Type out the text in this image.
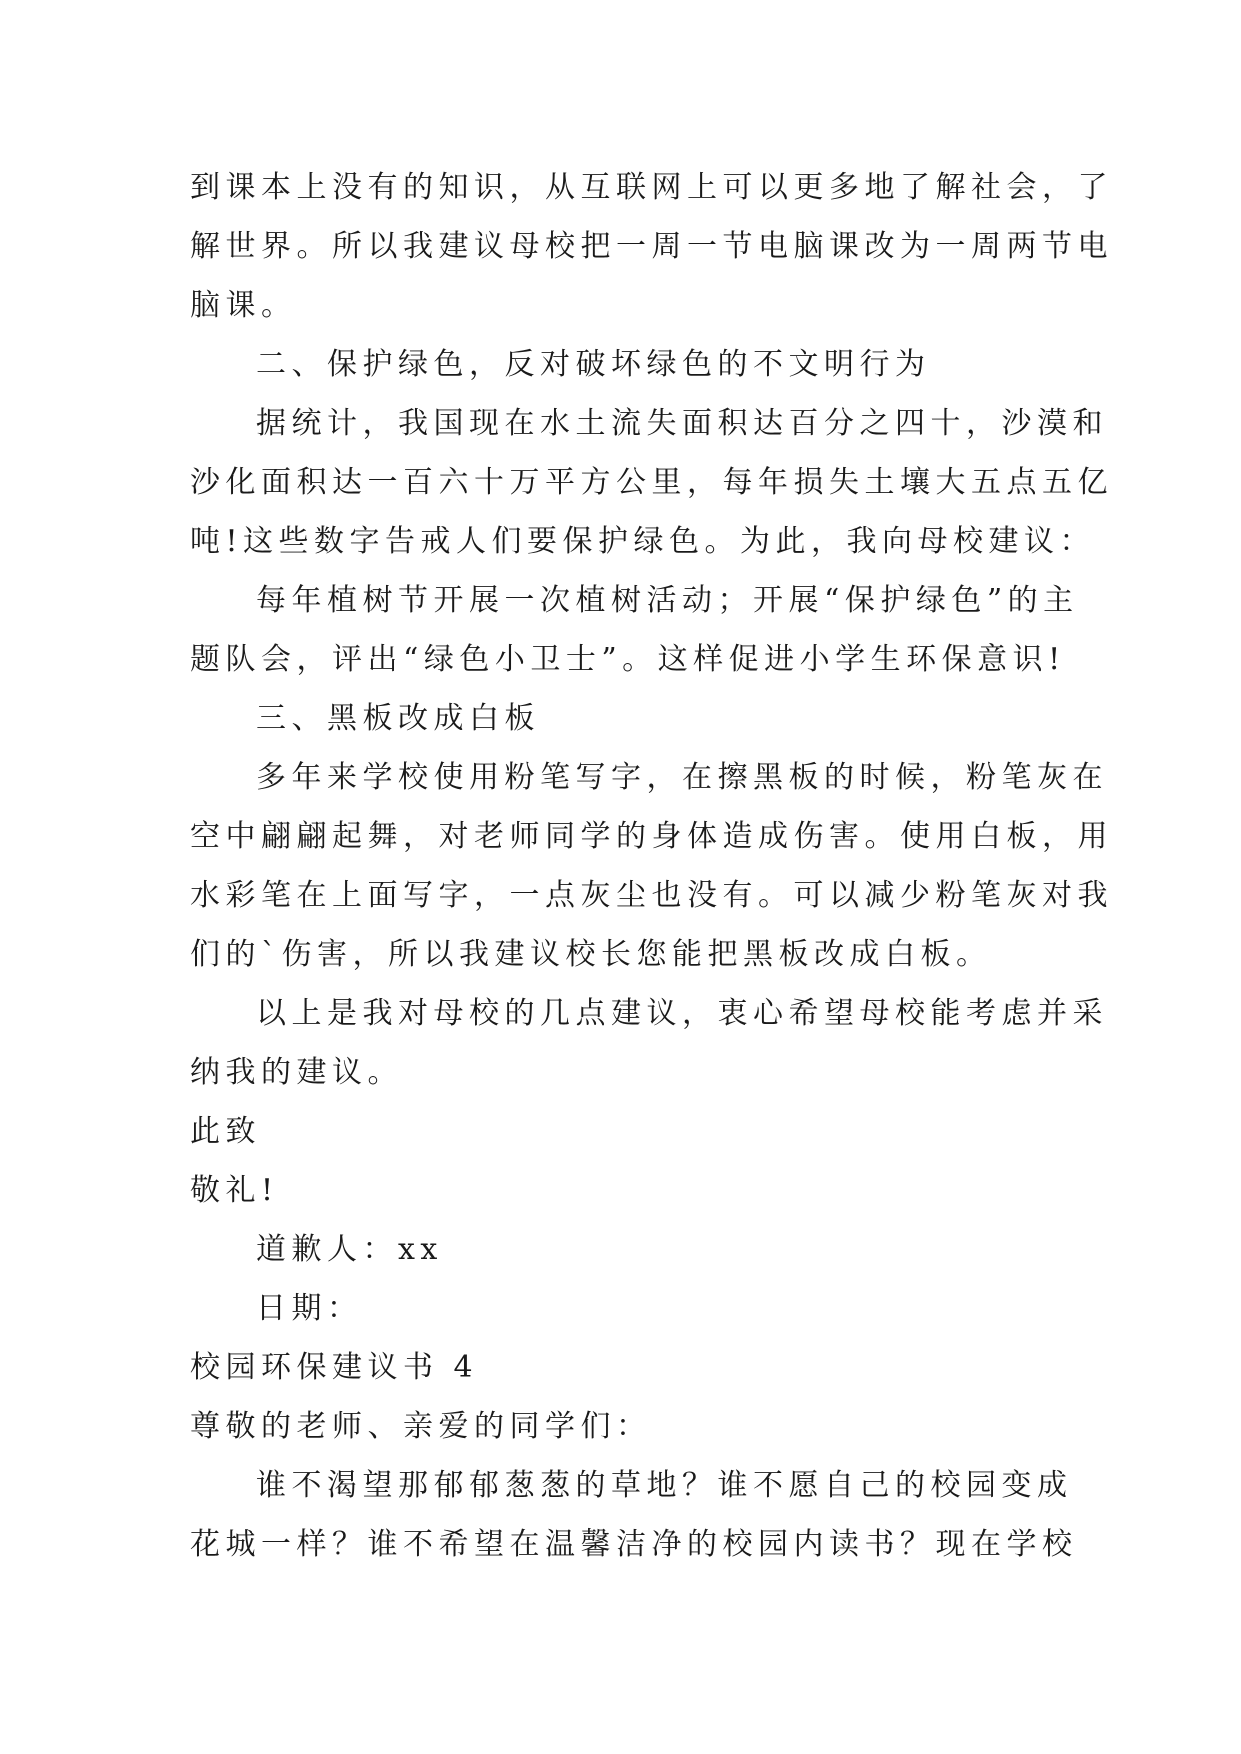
到课本上没有的知识，从互联网上可以更多地了解社会，了
解世界。所以我建议母校把一周一节电脑课改为一周两节电
脑课。
二、保护绿色，反对破坏绿色的不文明行为
据统计，我国现在水土流失面积达百分之四十，沙漠和
沙化面积达一百六十万平方公里，每年损失土壤大五点五亿
吨!这些数字告戒人们要保护绿色。为此，我向母校建议：
每年植树节开展一次植树活动；开展“保护绿色”的主
题队会，评出“绿色小卫士”。这样促进小学生环保意识!
三、黑板改成白板
多年来学校使用粉笔写字，在擦黑板的时候，粉笔灰在
空中翩翩起舞，对老师同学的身体造成伤害。使用白板，用
水彩笔在上面写字，一点灰尘也没有。可以减少粉笔灰对我
们的`伤害，所以我建议校长您能把黑板改成白板。
以上是我对母校的几点建议，衷心希望母校能考虑并采
纳我的建议。
此致
敬礼!
道歉人：xx
日期：
校园环保建议书 4
尊敬的老师、亲爱的同学们：
谁不渴望那郁郁葱葱的草地？谁不愿自己的校园变成
花城一样？谁不希望在温馨洁净的校园内读书？现在学校
